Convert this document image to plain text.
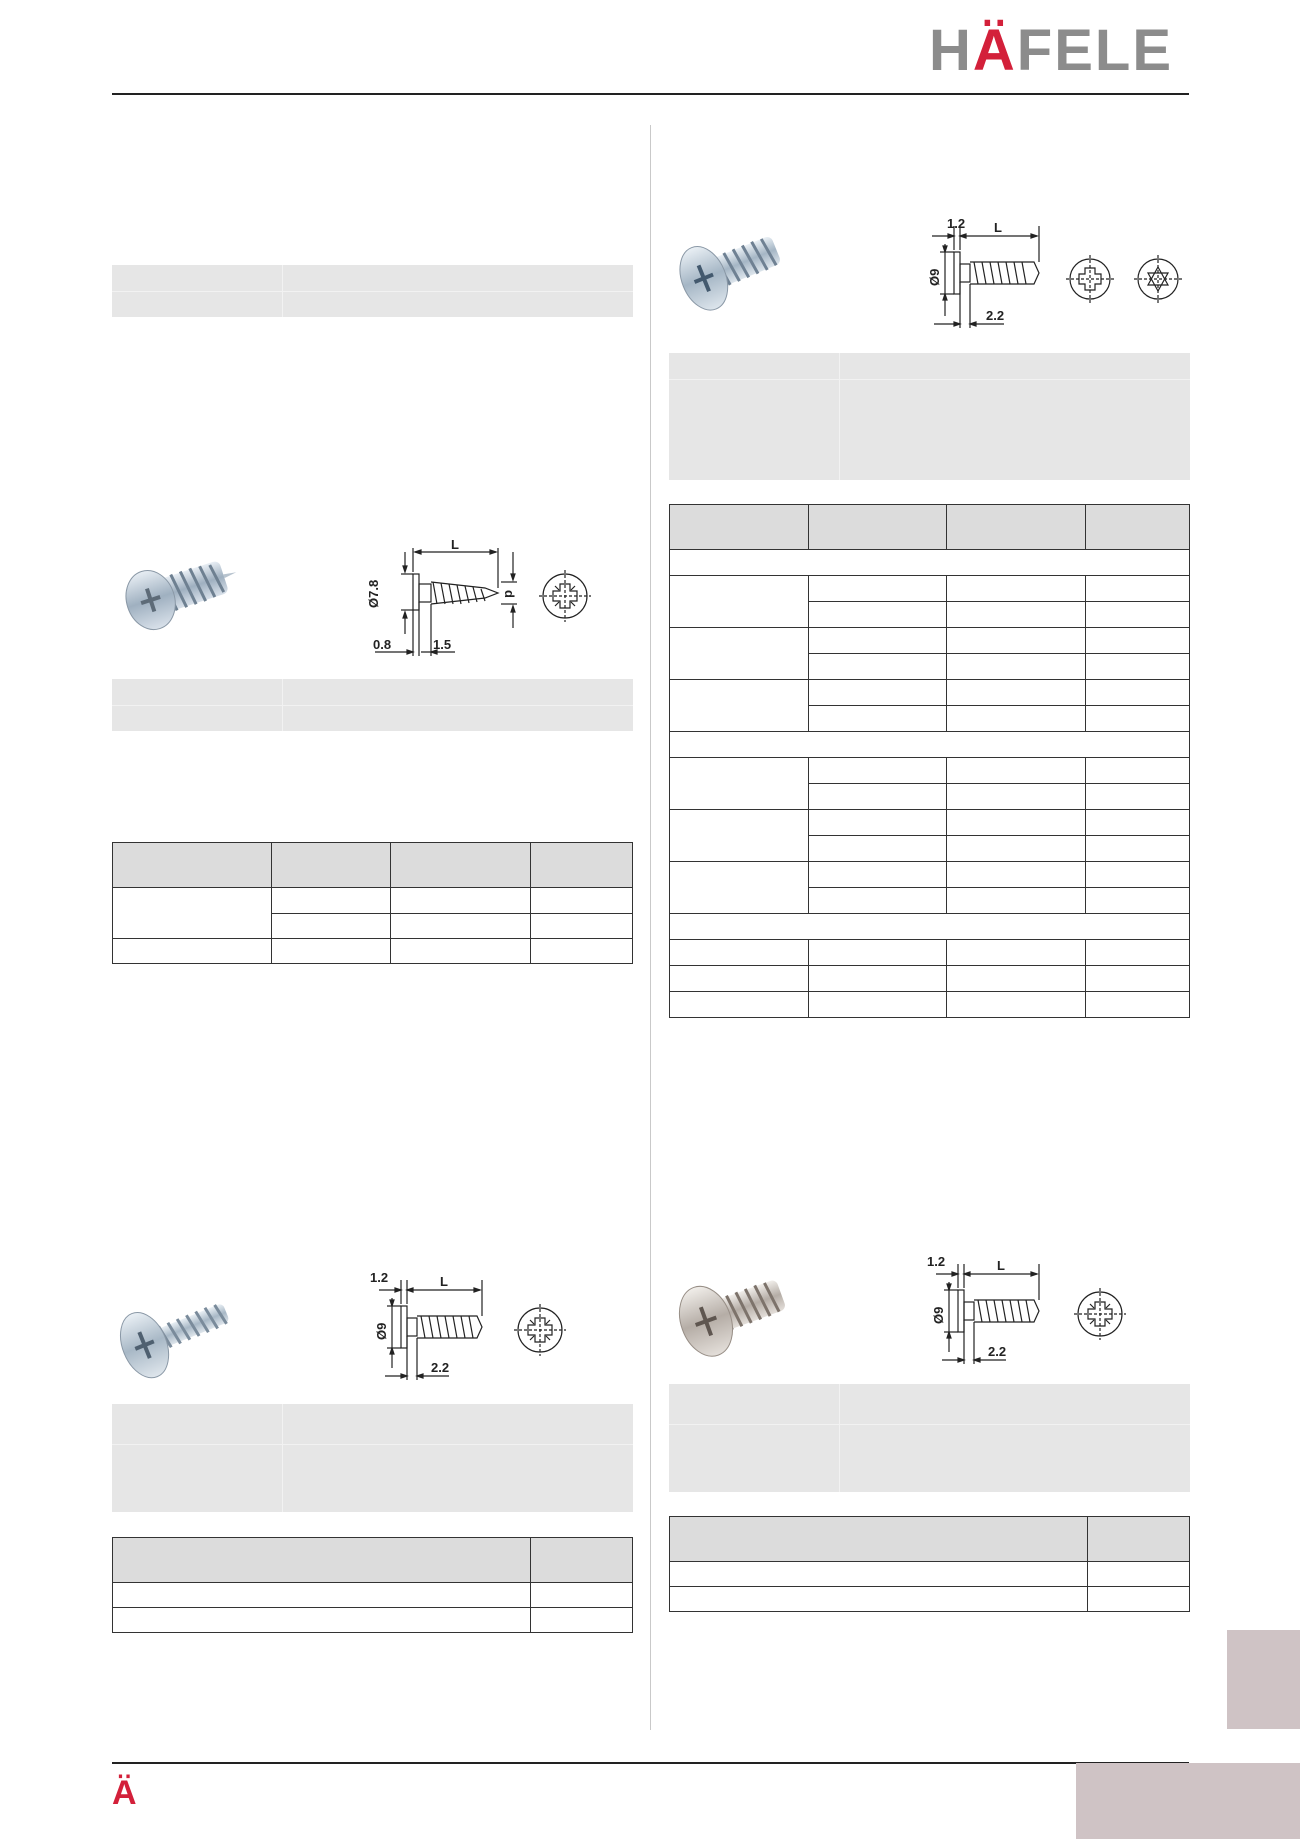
HÄFELE
L
Ø7.8	d
0.8	1.5

1.2	L
Ø9
2.2

1.2 L
Ø9
2.2

1.2	L
Ø9
2.2

Ä
